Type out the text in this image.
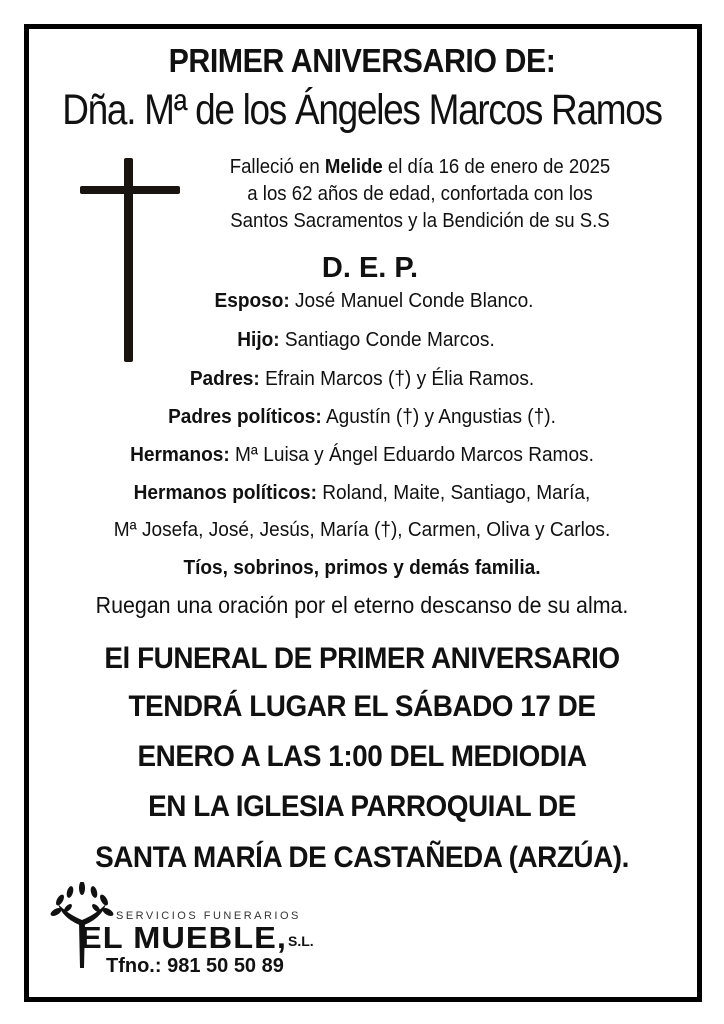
PRIMER ANIVERSARIO DE:
Dña. Mª de los Ángeles Marcos Ramos
Falleció en Melide el día 16 de enero de 2025
a los 62 años de edad, confortada con los
Santos Sacramentos y la Bendición de su S.S
D. E. P.
Esposo: José Manuel Conde Blanco.
Hijo: Santiago Conde Marcos.
Padres: Efrain Marcos (†) y Élia Ramos.
Padres políticos: Agustín (†) y Angustias (†).
Hermanos: Mª Luisa y Ángel Eduardo Marcos Ramos.
Hermanos políticos: Roland, Maite, Santiago, María,
Mª Josefa, José, Jesús, María (†), Carmen, Oliva y Carlos.
Tíos, sobrinos, primos y demás familia.
Ruegan una oración por el eterno descanso de su alma.
El FUNERAL DE PRIMER ANIVERSARIO
TENDRÁ LUGAR EL SÁBADO 17 DE
ENERO A LAS 1:00 DEL MEDIODIA
EN LA IGLESIA PARROQUIAL DE
SANTA MARÍA DE CASTAÑEDA (ARZÚA).
SERVICIOS FUNERARIOS
EL MUEBLE, S.L.
Tfno.: 981 50 50 89
